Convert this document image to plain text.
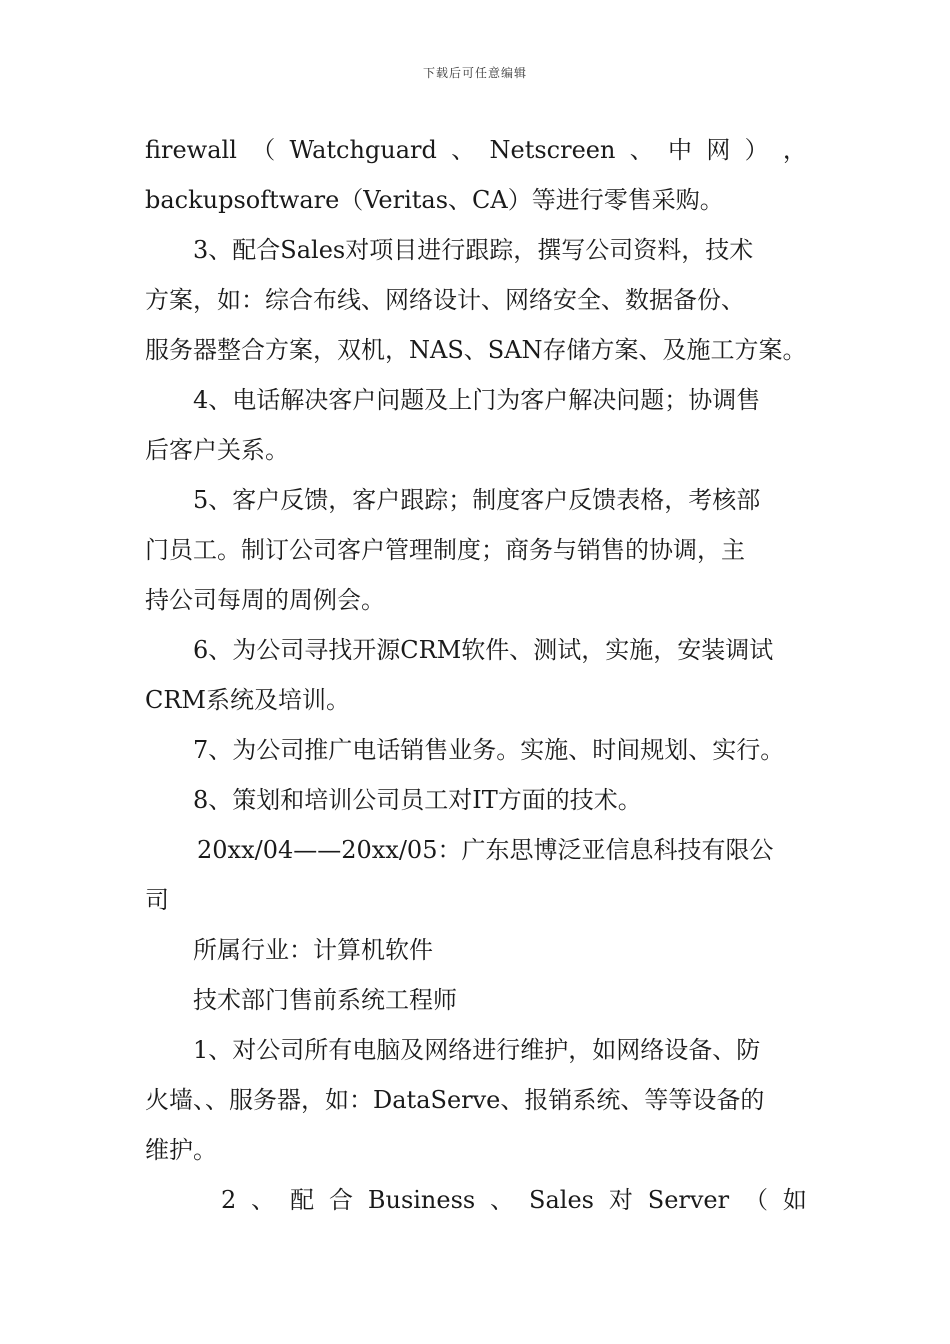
下载后可任意编辑
firewall （ Watchguard 、 Netscreen 、 中 网 ） ，
backupsoftware（Veritas、CA）等进行零售采购。
3、配合Sales对项目进行跟踪，撰写公司资料，技术
方案，如：综合布线、网络设计、网络安全、数据备份、
服务器整合方案，双机，NAS、SAN存储方案、及施工方案。
4、电话解决客户问题及上门为客户解决问题；协调售
后客户关系。
5、客户反馈，客户跟踪；制度客户反馈表格，考核部
门员工。制订公司客户管理制度；商务与销售的协调，主
持公司每周的周例会。
6、为公司寻找开源CRM软件、测试，实施，安装调试
CRM系统及培训。
7、为公司推广电话销售业务。实施、时间规划、实行。
8、策划和培训公司员工对IT方面的技术。
20xx/04——20xx/05：广东思博泛亚信息科技有限公
司
所属行业：计算机软件
技术部门售前系统工程师
1、对公司所有电脑及网络进行维护，如网络设备、防
火墙、、服务器，如：DataServe、报销系统、等等设备的
维护。
2 、 配 合 Business 、 Sales 对 Server （ 如
